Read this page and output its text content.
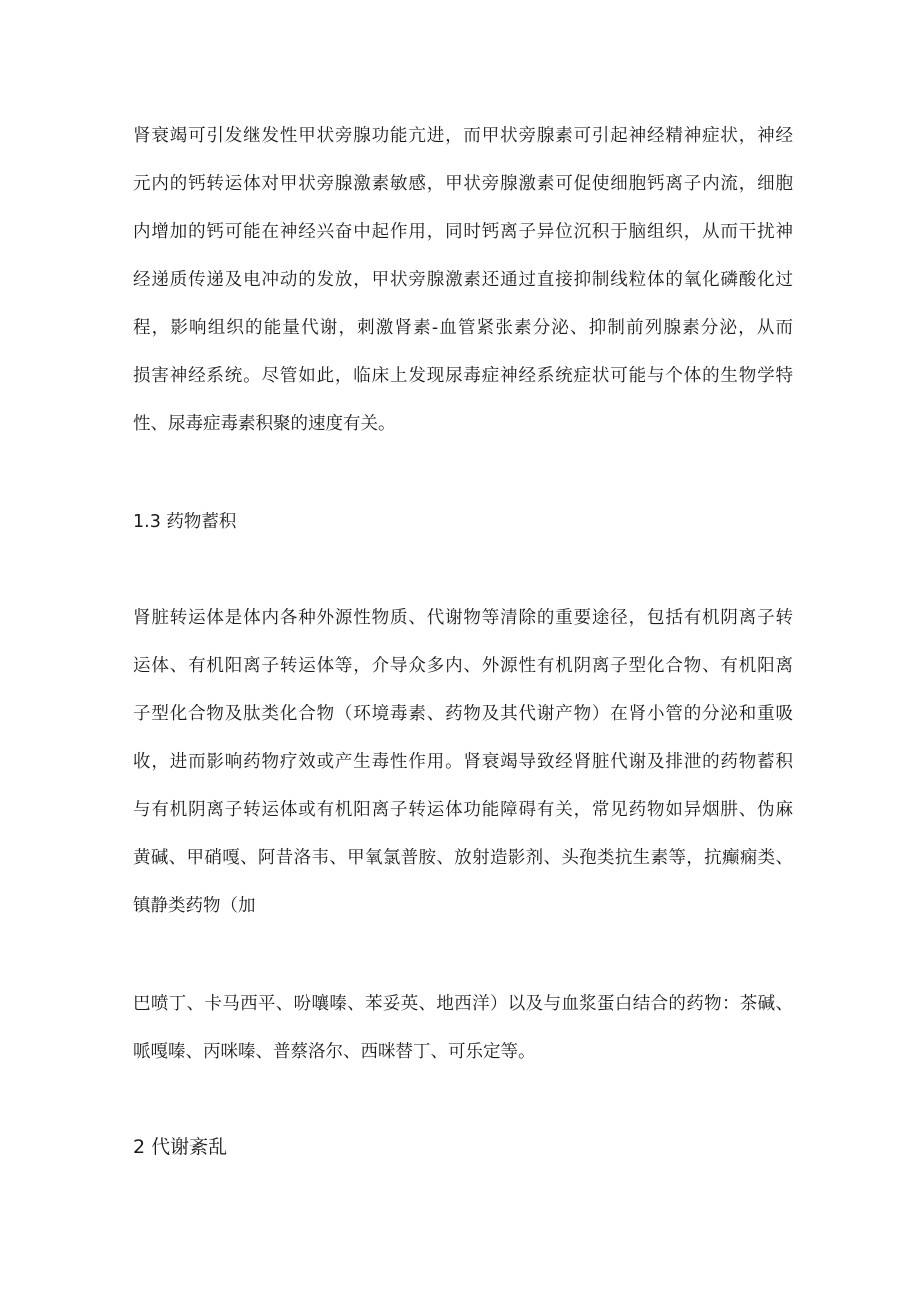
肾衰竭可引发继发性甲状旁腺功能亢进，而甲状旁腺素可引起神经精神症状，神经
元内的钙转运体对甲状旁腺激素敏感，甲状旁腺激素可促使细胞钙离子内流，细胞
内增加的钙可能在神经兴奋中起作用，同时钙离子异位沉积于脑组织，从而干扰神
经递质传递及电冲动的发放，甲状旁腺激素还通过直接抑制线粒体的氧化磷酸化过
程，影响组织的能量代谢，刺激肾素-血管紧张素分泌、抑制前列腺素分泌，从而
损害神经系统。尽管如此，临床上发现尿毒症神经系统症状可能与个体的生物学特
性、尿毒症毒素积聚的速度有关。
1.3 药物蓄积
肾脏转运体是体内各种外源性物质、代谢物等清除的重要途径，包括有机阴离子转
运体、有机阳离子转运体等，介导众多内、外源性有机阴离子型化合物、有机阳离
子型化合物及肽类化合物（环境毒素、药物及其代谢产物）在肾小管的分泌和重吸
收，进而影响药物疗效或产生毒性作用。肾衰竭导致经肾脏代谢及排泄的药物蓄积
与有机阴离子转运体或有机阳离子转运体功能障碍有关，常见药物如异烟肼、伪麻
黄碱、甲硝嘎、阿昔洛韦、甲氧氯普胺、放射造影剂、头孢类抗生素等，抗癫痫类、
镇静类药物（加
巴喷丁、卡马西平、吩嚷嗪、苯妥英、地西洋）以及与血浆蛋白结合的药物：茶碱、
哌嘎嗪、丙咪嗪、普蔡洛尔、西咪替丁、可乐定等。
2 代谢紊乱
